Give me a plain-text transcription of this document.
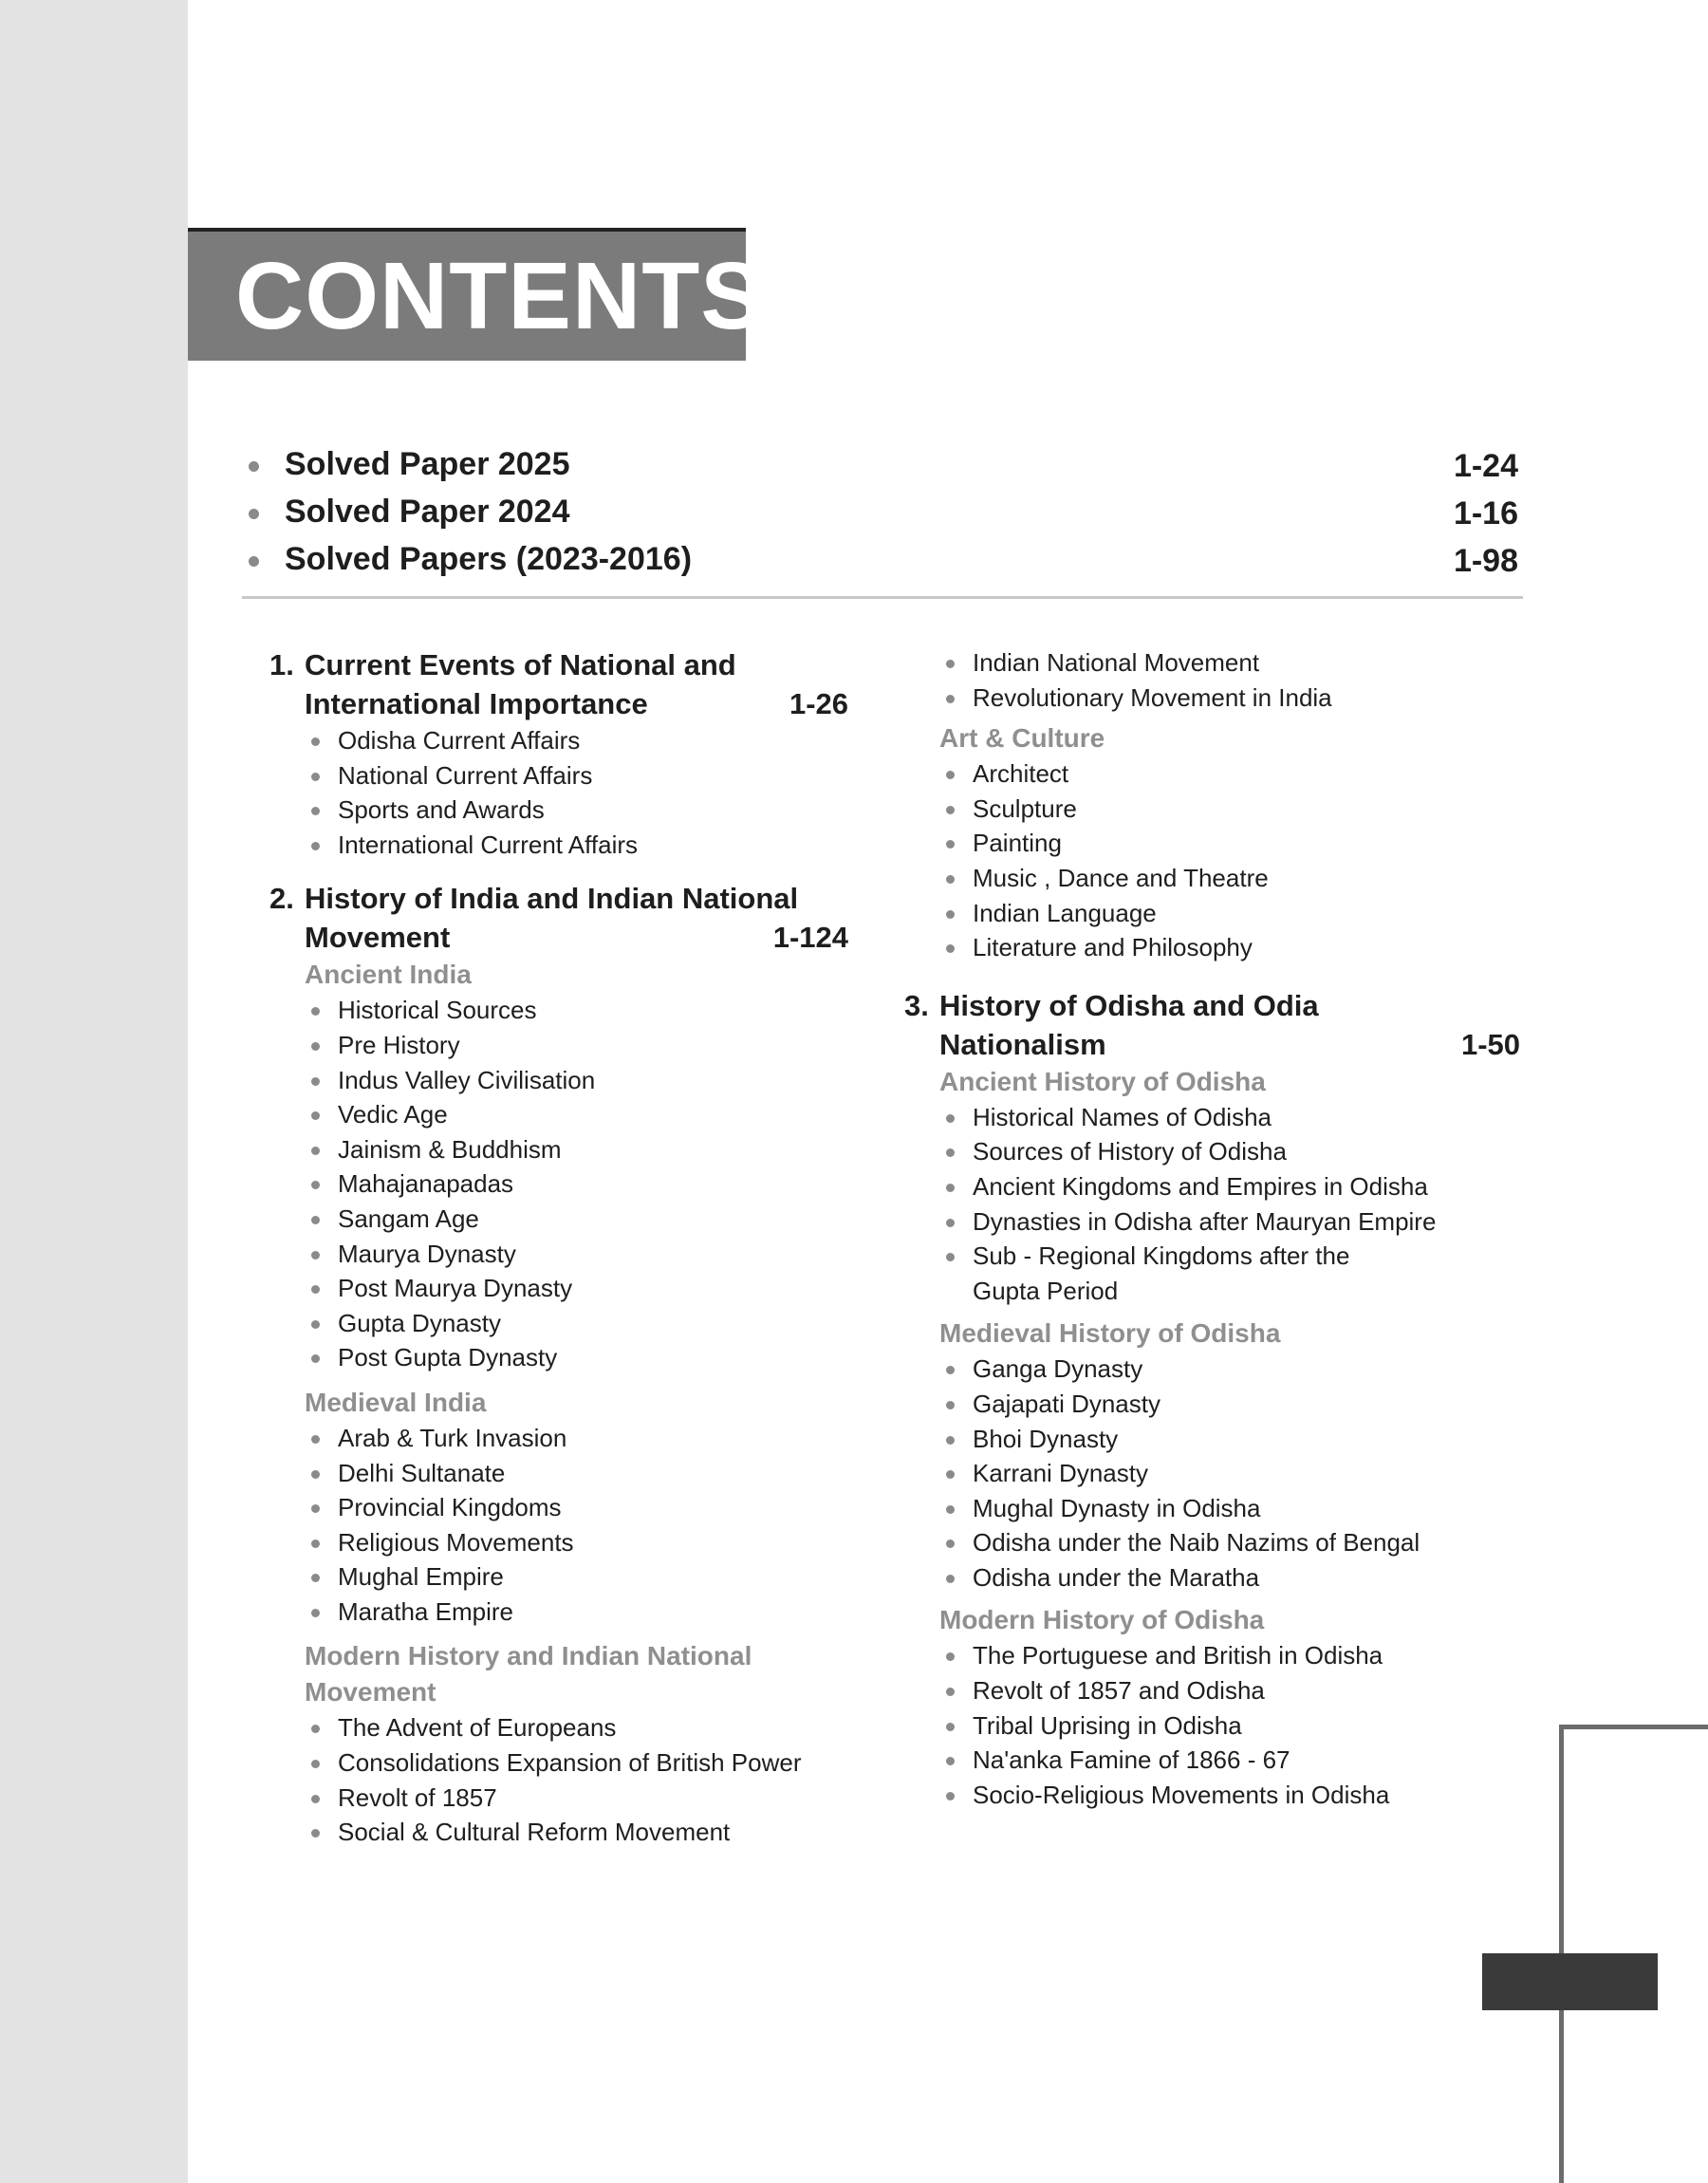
CONTENTS
Solved Paper 2025	1-24
Solved Paper 2024	1-16
Solved Papers (2023-2016)	1-98
1. Current Events of National and
International Importance	1-26
Odisha Current Affairs
National Current Affairs
Sports and Awards
International Current Affairs
2. History of India and Indian National
Movement	1-124
Ancient India
Historical Sources
Pre History
Indus Valley Civilisation
Vedic Age
Jainism & Buddhism
Mahajanapadas
Sangam Age
Maurya Dynasty
Post Maurya Dynasty
Gupta Dynasty
Post Gupta Dynasty
Medieval India
Arab & Turk Invasion
Delhi Sultanate
Provincial Kingdoms
Religious Movements
Mughal Empire
Maratha Empire
Modern History and Indian National
Movement
The Advent of Europeans
Consolidations Expansion of British Power
Revolt of 1857
Social & Cultural Reform Movement
Indian National Movement
Revolutionary Movement in India
Art & Culture
Architect
Sculpture
Painting
Music , Dance and Theatre
Indian Language
Literature and Philosophy
3. History of Odisha and Odia
Nationalism	1-50
Ancient History of Odisha
Historical Names of Odisha
Sources of History of Odisha
Ancient Kingdoms and Empires in Odisha
Dynasties in Odisha after Mauryan Empire
Sub - Regional Kingdoms after the
Gupta Period
Medieval History of Odisha
Ganga Dynasty
Gajapati Dynasty
Bhoi Dynasty
Karrani Dynasty
Mughal Dynasty in Odisha
Odisha under the Naib Nazims of Bengal
Odisha under the Maratha
Modern History of Odisha
The Portuguese and British in Odisha
Revolt of 1857 and Odisha
Tribal Uprising in Odisha
Na'anka Famine of 1866 - 67
Socio-Religious Movements in Odisha
